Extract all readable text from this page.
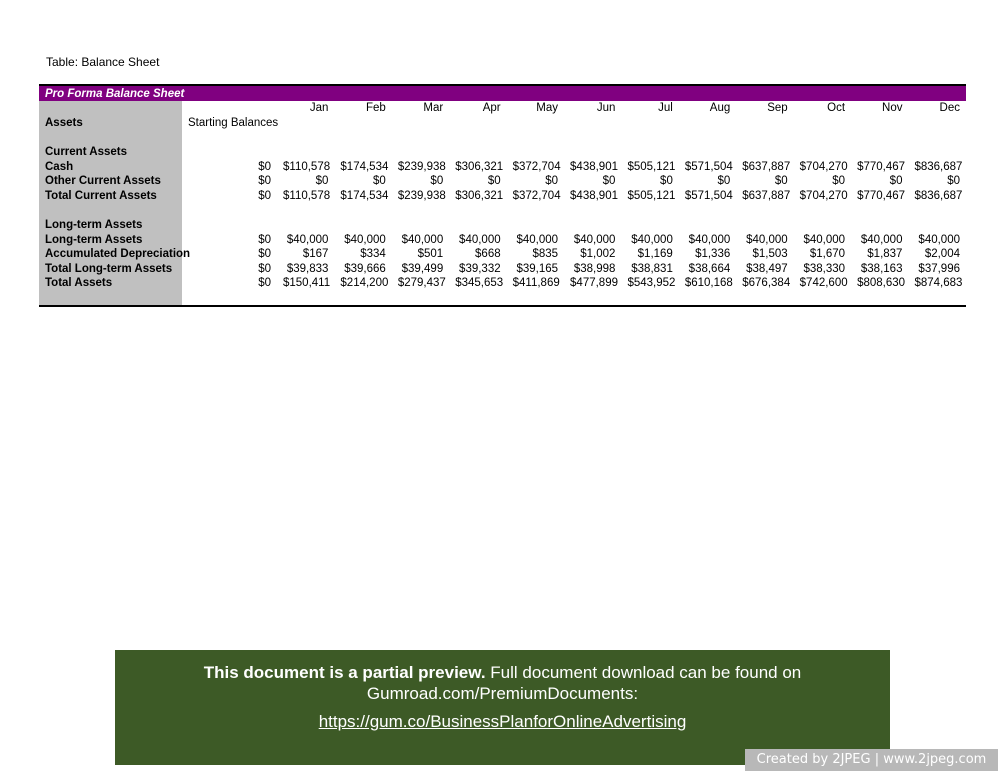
Table: Balance Sheet
Pro Forma Balance Sheet													
		Jan	Feb	Mar	Apr	May	Jun	Jul	Aug	Sep	Oct	Nov	Dec
Assets	Starting Balances												

Current Assets													
Cash	$0	$110,578	$174,534	$239,938	$306,321	$372,704	$438,901	$505,121	$571,504	$637,887	$704,270	$770,467	$836,687
Other Current Assets	$0	$0	$0	$0	$0	$0	$0	$0	$0	$0	$0	$0	$0
Total Current Assets	$0	$110,578	$174,534	$239,938	$306,321	$372,704	$438,901	$505,121	$571,504	$637,887	$704,270	$770,467	$836,687

Long-term Assets													
Long-term Assets	$0	$40,000	$40,000	$40,000	$40,000	$40,000	$40,000	$40,000	$40,000	$40,000	$40,000	$40,000	$40,000
Accumulated Depreciation	$0	$167	$334	$501	$668	$835	$1,002	$1,169	$1,336	$1,503	$1,670	$1,837	$2,004
Total Long-term Assets	$0	$39,833	$39,666	$39,499	$39,332	$39,165	$38,998	$38,831	$38,664	$38,497	$38,330	$38,163	$37,996
Total Assets	$0	$150,411	$214,200	$279,437	$345,653	$411,869	$477,899	$543,952	$610,168	$676,384	$742,600	$808,630	$874,683

This document is a partial preview. Full document download can be found on
Gumroad.com/PremiumDocuments:
https://gum.co/BusinessPlanforOnlineAdvertising
Created by 2JPEG | www.2jpeg.com
